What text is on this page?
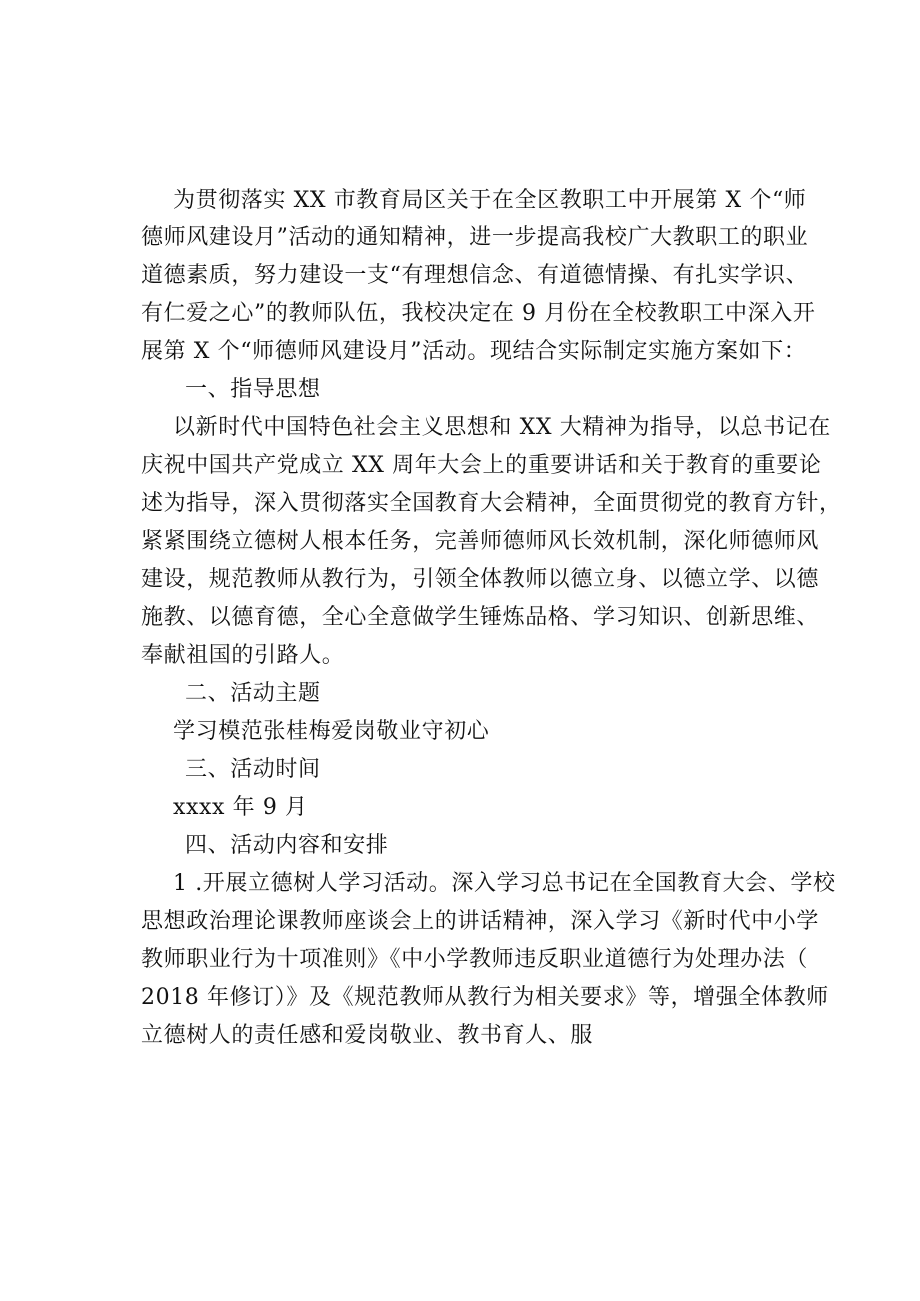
为贯彻落实 XX 市教育局区关于在全区教职工中开展第 X 个“师
德师风建设月”活动的通知精神，进一步提高我校广大教职工的职业
道德素质，努力建设一支“有理想信念、有道德情操、有扎实学识、
有仁爱之心”的教师队伍，我校决定在 9 月份在全校教职工中深入开
展第 X 个“师德师风建设月”活动。现结合实际制定实施方案如下：
一、指导思想
以新时代中国特色社会主义思想和 XX 大精神为指导，以总书记在
庆祝中国共产党成立 XX 周年大会上的重要讲话和关于教育的重要论
述为指导，深入贯彻落实全国教育大会精神，全面贯彻党的教育方针，
紧紧围绕立德树人根本任务，完善师德师风长效机制，深化师德师风
建设，规范教师从教行为，引领全体教师以德立身、以德立学、以德
施教、以德育德，全心全意做学生锤炼品格、学习知识、创新思维、
奉献祖国的引路人。
二、活动主题
学习模范张桂梅爱岗敬业守初心
三、活动时间
xxxx 年 9 月
四、活动内容和安排
1 .开展立德树人学习活动。深入学习总书记在全国教育大会、学校
思想政治理论课教师座谈会上的讲话精神，深入学习《新时代中小学
教师职业行为十项准则》《中小学教师违反职业道德行为处理办法（
2018 年修订）》及《规范教师从教行为相关要求》等，增强全体教师
立德树人的责任感和爱岗敬业、教书育人、服
